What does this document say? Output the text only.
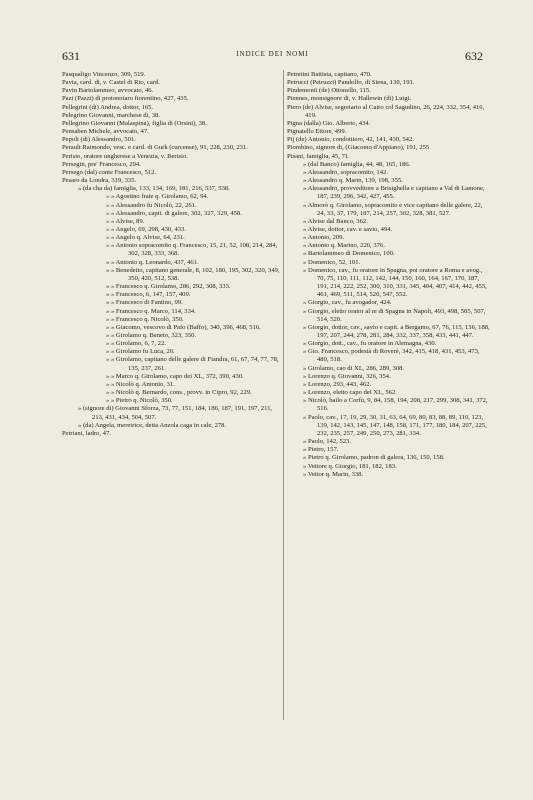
631	INDICE DEI NOMI	632
Pasqualigo Vincenzo, 309, 519.
Pavia, card. di, v. Castel di Rio, card.
Pavin Bartolammeo, avvocato, 46.
Pazi (Pazzi) di protonotaro fiorentino, 427, 435.
Pellegrini (di) Andrea, dottor, 165.
Pelegrino Giovanni, marchese di, 38.
Pellegrino Giovanni (Malaspina), figlia di (Orsini), 38.
Pensaben Michele, avvocato, 47.
Pepoli (di) Alessandro, 501.
Perault Raimondo, vesc. e card. di Gurk (curcense), 91, 228, 230, 231.
Perisio, oratore ungherese a Venezia, v. Berisio.
Persegin, pre' Francesco, 294.
Persego (dal) conte Francesco, 512.
Pesaro da Londra, 319, 335.
» (da cha da) famiglia, 133, 134, 169, 181, 216, 537, 538.
» » Agostino frate q. Girolamo, 62, 94.
» » Alessandro fu Nicolò, 22, 261.
» » Alessandro, capit. di galere, 302, 327, 329, 458.
» » Alvise, 89.
» » Angelo, 69, 298, 430, 433.
» » Angelo q. Alvise, 64, 231.
» » Antonio sopracomito q. Francesco, 15, 21, 52, 108, 214, 284, 302, 328, 333, 368.
» » Antonio q. Leonardo, 437, 461.
» » Benedetto, capitano generale, 8, 102, 180, 195, 302, 320, 349, 350, 420, 512, 538.
» » Francesco q. Girolamo, 286, 292, 308, 333.
» » Francesco, 6, 147, 157, 409.
» » Francesco di Fantino, 99.
» » Francesco q. Marco, 114, 334.
» » Francesco q. Nicolò, 350.
» » Giacomo, vescovo di Pafo (Baffo), 340, 396, 468, 516.
» » Girolamo q. Beneto, 323, 350.
» » Girolamo, 6, 7, 22.
» » Girolamo fu Luca, 20.
» » Girolamo, capitano delle galere di Fiandra, 61, 67, 74, 77, 78, 135, 237, 261.
» » Marco q. Girolamo, capo dei XL, 372, 390, 430.
» » Nicolò q. Antonio, 31.
» » Nicolò q. Bernardo, cons., provv. in Cipro, 92, 229.
» » Pietro q. Nicolò, 350.
» (signore di) Giovanni Sforza, 73, 77, 151, 184, 186, 187, 191, 197, 211, 213, 431, 434, 504, 507.
» (da) Angela, meretrice, detta Anzola caga in cale, 278.
Petriani, ladro, 47.
Petretini Battista, capitano, 470.
Petrucci (Petruzzi) Pandolfo, di Siena, 130, 191.
Pindemonti (de) Ottonello, 115.
Piennes, monsignore di, v. Hallewin (di) Luigi.
Piero (de) Alvise, segretario al Cairo col Sagudino, 26, 224, 332, 354, 416, 419.
Pigna (dalla) Gio. Alberto, 434.
Pignatello Ettore, 499.
Pij (de) Antonio, condottiero, 42, 141, 430, 542.
Piombino, signore di, (Giacomo d'Appiano), 191, 255
Pisani, famiglia, 45, 71.
» (dal Banco) famiglia, 44, 48, 165, 186.
» Alessandro, sopracomito, 142.
» Alessandro q. Marin, 139, 198, 355.
» Alessandro, provveditore a Brisighella e capitano a Val di Lamone, 187, 239, 296, 342, 427, 455.
» Almorò q. Girolamo, sopracomito e vice capitano delle galere, 22, 24, 33, 37, 179, 187, 214, 257, 302, 328, 381, 527.
» Alvise dal Banco, 362.
» Alvise, dottor, cav. e savio, 494.
» Antonio, 209.
» Antonio q. Marino, 226, 376.
» Bartolammeo di Domenico, 100.
» Domenico, 52, 101.
» Domenico, cav., fu oratore in Spagna, poi oratore a Roma e avog., 70, 75, 110, 111, 112, 142, 144, 150, 160, 164, 167, 170, 187, 191, 214, 222, 252, 300, 310, 331, 345, 404, 407, 414, 442, 455, 461, 469, 511, 514, 520, 547, 552.
» Giorgio, cav., fu avogador, 424.
» Giorgio, eletto orator al re di Spagna in Napoli, 493, 498, 505, 507, 514, 520.
» Giorgio, dottor, cav., savio e capit. a Bergamo, 67, 76, 115, 136, 188, 197, 207, 244, 278, 281, 284, 332, 337, 358, 433, 441, 447.
» Giorgio, dott., cav., fu oratore in Alemagna, 430.
» Gio. Francesco, podestà di Roverè, 342, 415, 418, 431, 453, 473, 480, 518.
» Girolamo, cao di XL, 286, 289, 308.
» Lorenzo q. Giovanni, 326, 354.
» Lorenzo, 293, 443, 462.
» Lorenzo, eletto capo dei XL, 562.
» Nicolò, bailo a Corfù, 9, 84, 158, 194, 208, 217, 299, 308, 341, 372, 516.
» Paolo, cav., 17, 19, 29, 30, 31, 63, 64, 69, 80, 83, 88, 89, 110, 123, 139, 142, 143, 145, 147, 148, 158, 171, 177, 180, 184, 207, 225, 232, 235, 257, 249, 250, 273, 281, 334.
» Paolo, 142, 523.
» Pietro, 157.
» Pietro q. Girolamo, padron di galera, 136, 150, 158.
» Vettore q. Giorgio, 181, 182, 183.
» Vettor q. Marin, 338.
